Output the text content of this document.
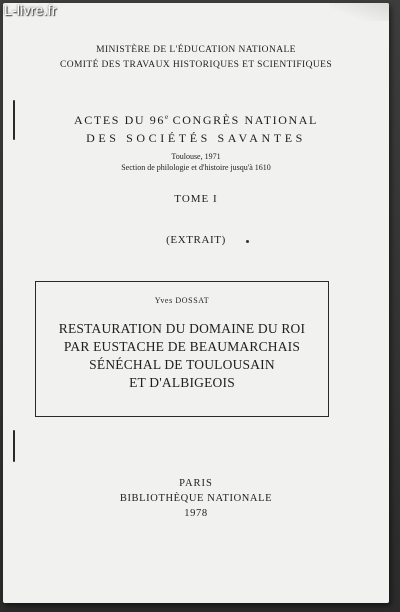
MINISTÈRE DE L'ÉDUCATION NATIONALE
COMITÉ DES TRAVAUX HISTORIQUES ET SCIENTIFIQUES
ACTES DU 96e CONGRÈS NATIONAL
DES SOCIÉTÉS SAVANTES
Toulouse, 1971
Section de philologie et d'histoire jusqu'à 1610
TOME I
(EXTRAIT)
Yves DOSSAT
RESTAURATION DU DOMAINE DU ROI
PAR EUSTACHE DE BEAUMARCHAIS
SÉNÉCHAL DE TOULOUSAIN
ET D'ALBIGEOIS
PARIS
BIBLIOTHÈQUE NATIONALE
1978
L-livre.fr
